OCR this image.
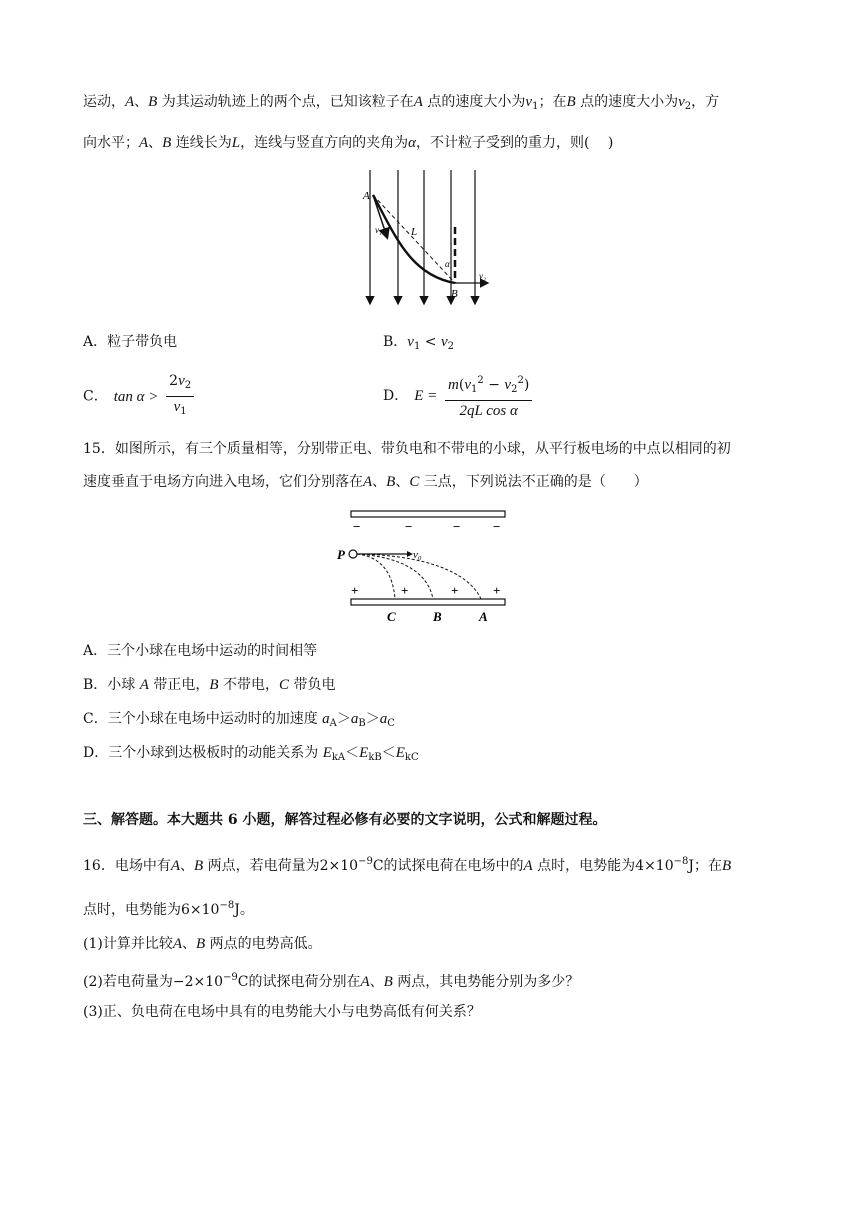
运动，A、B 为其运动轨迹上的两个点，已知该粒子在A 点的速度大小为$v_1$；在B 点的速度大小为$v_2$，方
向水平；A、B 连线长为L，连线与竖直方向的夹角为α，不计粒子受到的重力，则(　 )
A
B
L
v₁
v₂
α
A．粒子带负电	B．$v_1 < v_2$
C． $\tan \alpha > \frac{2v_2}{v_1}$	D． $E = \frac{m(v_1^2 - v_2^2)}{\text{2qL cos α}}$
15．如图所示，有三个质量相等，分别带正电、带负电和不带电的小球，从平行板电场的中点以相同的初
速度垂直于电场方向进入电场，它们分别落在A、B、C 三点，下列说法不正确的是（　　）
−	−	−	−
+	+	+	+
P	v₀
C	B	A
A．三个小球在电场中运动的时间相等
B．小球 A 带正电，B 不带电，C 带负电
C．三个小球在电场中运动时的加速度 $a_A>a_B>a_C$
D．三个小球到达极板时的动能关系为 $E_{kA}<E_{kB}<E_{kC}$
三、解答题。本大题共 6 小题，解答过程必修有必要的文字说明，公式和解题过程。
16．电场中有A、B 两点，若电荷量为$2\times 10^{-9}C$的试探电荷在电场中的A 点时，电势能为$4\times 10^{-8}J$；在B
点时，电势能为$6\times 10^{-8}J$。
(1)计算并比较A、B 两点的电势高低。
(2)若电荷量为$-2\times 10^{-9}C$的试探电荷分别在A、B 两点，其电势能分别为多少？
(3)正、负电荷在电场中具有的电势能大小与电势高低有何关系？
